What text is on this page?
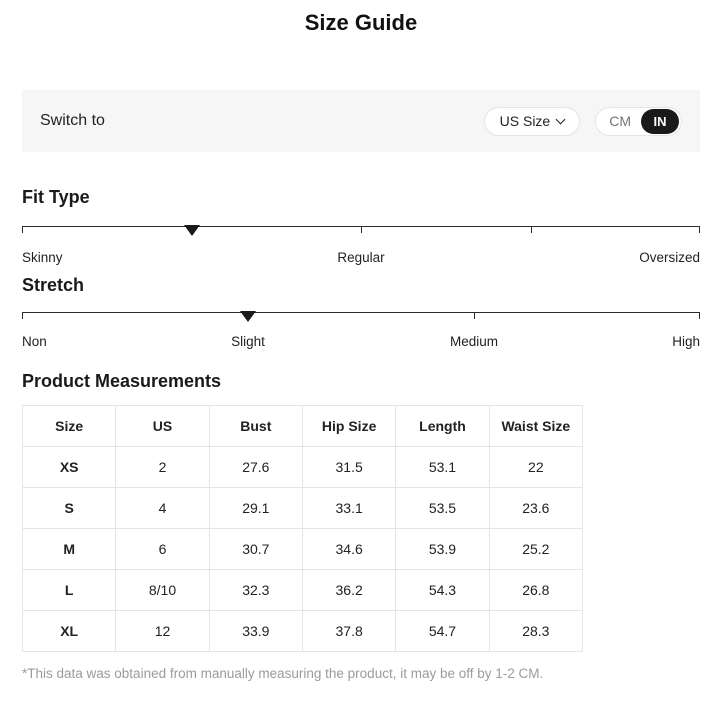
Size Guide
Switch to	US Size	CM	IN
Fit Type
Skinny	Regular	Oversized
Stretch
Non	Slight	Medium	High
Product Measurements
Size	US	Bust	Hip Size	Length	Waist Size
XS	2	27.6	31.5	53.1	22
S	4	29.1	33.1	53.5	23.6
M	6	30.7	34.6	53.9	25.2
L	8/10	32.3	36.2	54.3	26.8
XL	12	33.9	37.8	54.7	28.3

*This data was obtained from manually measuring the product, it may be off by 1-2 CM.
